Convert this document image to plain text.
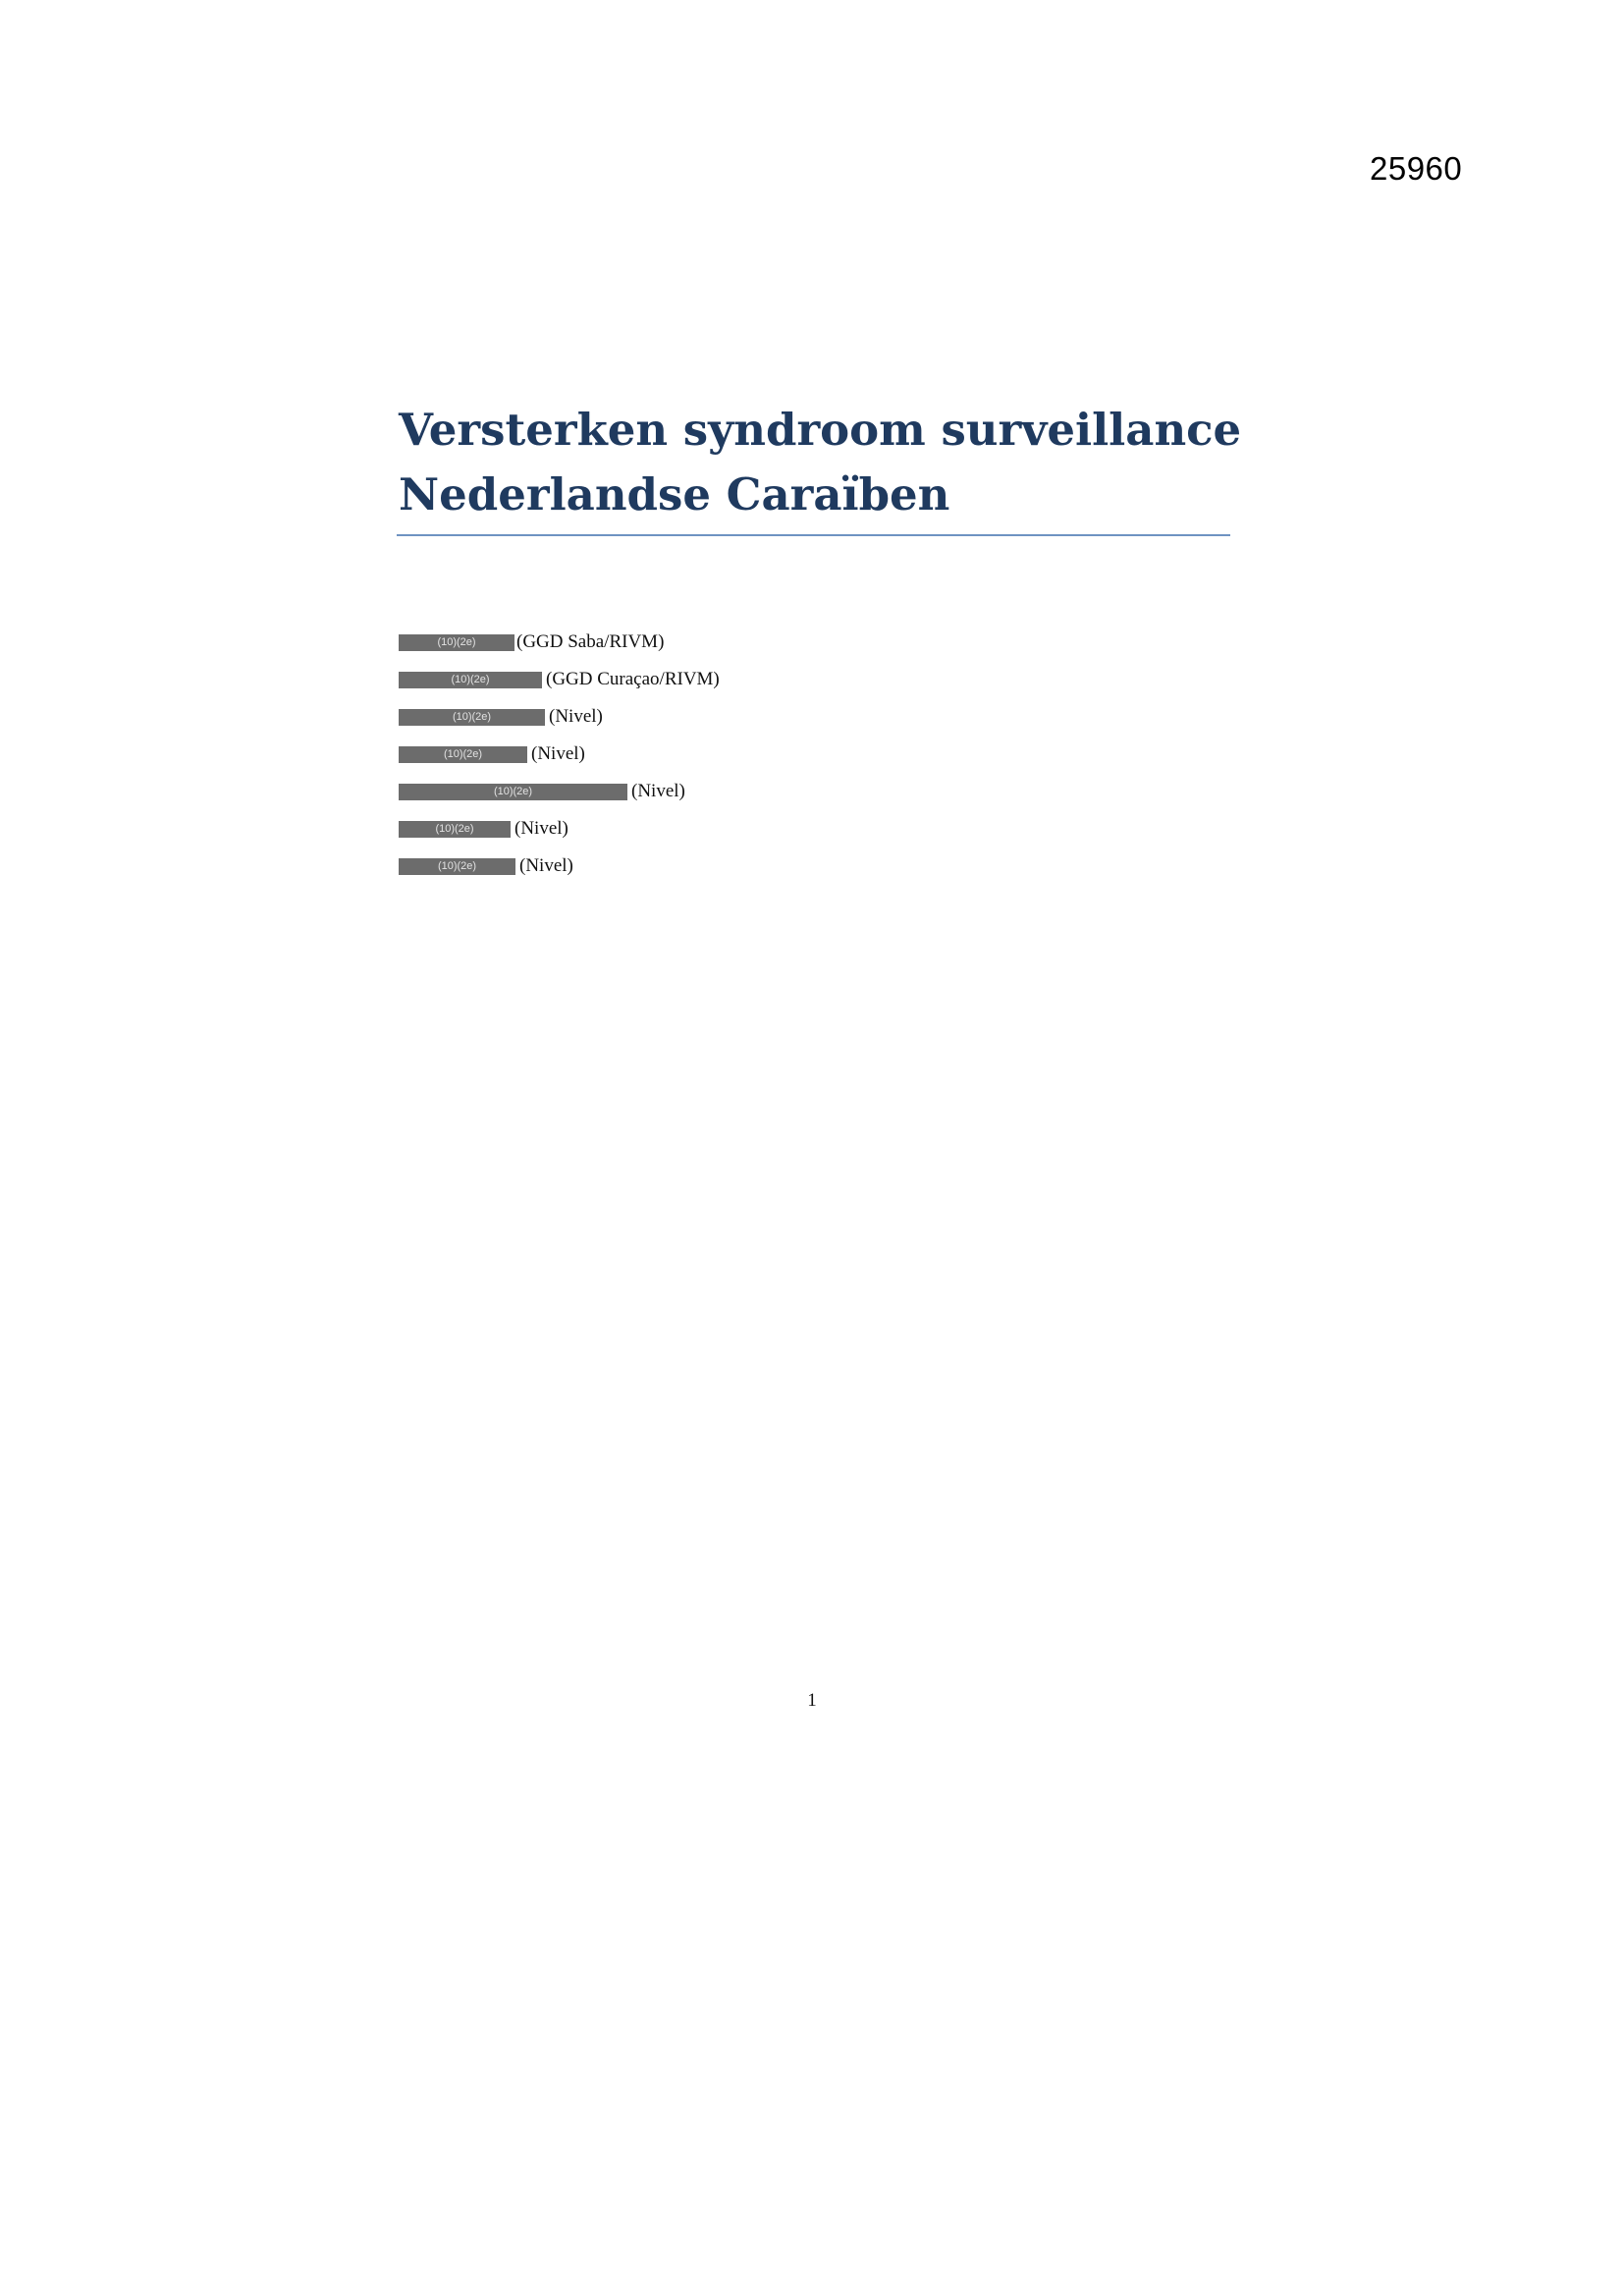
25960
Versterken syndroom surveillance
Nederlandse Caraïben
(10)(2e)	(GGD Saba/RIVM)
(10)(2e)	(GGD Curaçao/RIVM)
(10)(2e)	(Nivel)
(10)(2e)	(Nivel)
(10)(2e)	(Nivel)
(10)(2e)	(Nivel)
(10)(2e)	(Nivel)
1
